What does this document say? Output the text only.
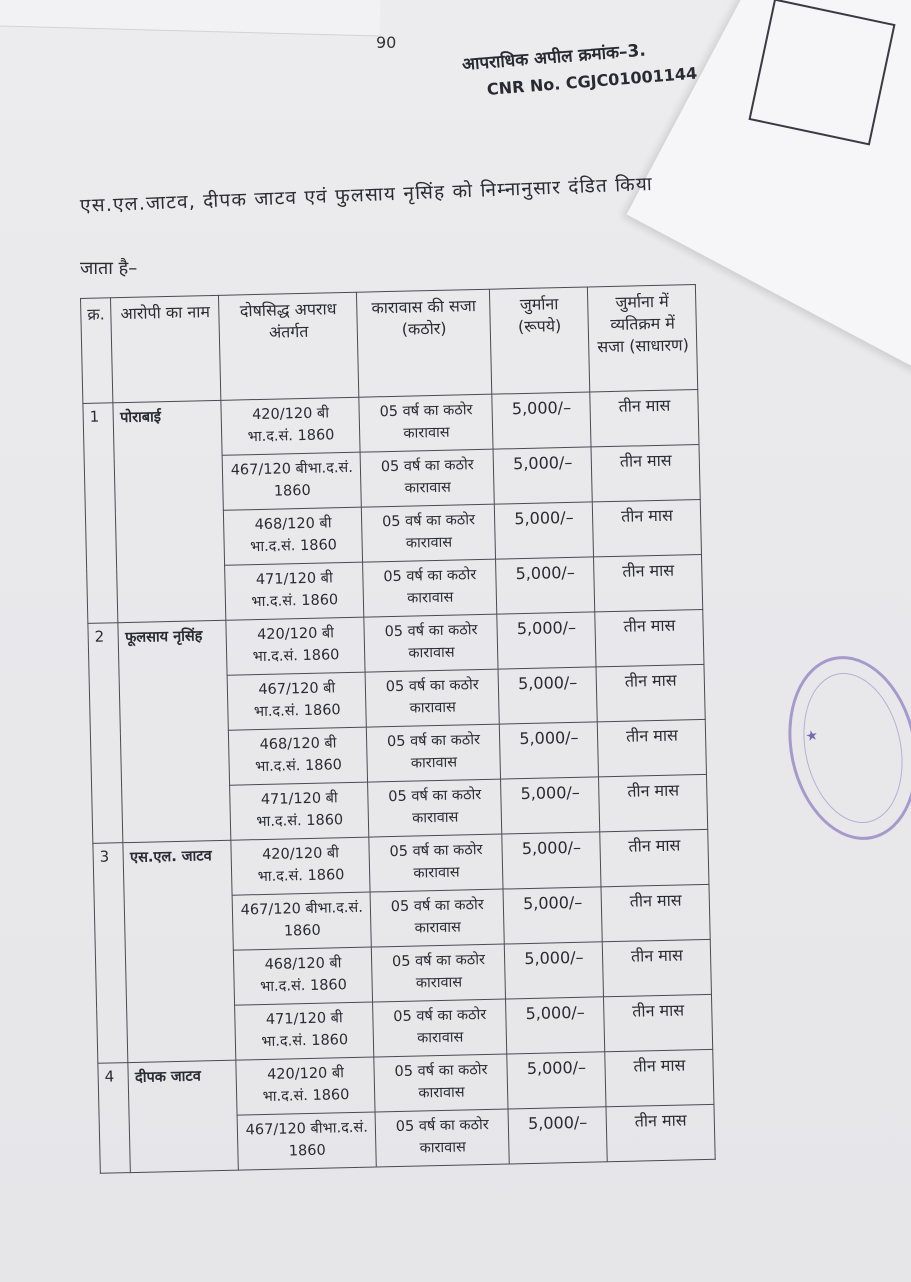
90	आपराधिक अपील क्रमांक–3.
CNR No. CGJC01001144
एस.एल.जाटव, दीपक जाटव एवं फुलसाय नृसिंह को निम्नानुसार दंडित किया
जाता है–
क्र.	आरोपी का नाम	दोषसिद्ध अपराध अंतर्गत	कारावास की सजा (कठोर)	जुर्माना (रूपये)	जुर्माना में व्यतिक्रम में सजा (साधारण)
1	पोराबाई	420/120 बी भा.द.सं. 1860	05 वर्ष का कठोर कारावास	5,000/–	तीन मास
		467/120 बीभा.द.सं. 1860	05 वर्ष का कठोर कारावास	5,000/–	तीन मास
		468/120 बी भा.द.सं. 1860	05 वर्ष का कठोर कारावास	5,000/–	तीन मास
		471/120 बी भा.द.सं. 1860	05 वर्ष का कठोर कारावास	5,000/–	तीन मास
2	फूलसाय नृसिंह	420/120 बी भा.द.सं. 1860	05 वर्ष का कठोर कारावास	5,000/–	तीन मास
		467/120 बी भा.द.सं. 1860	05 वर्ष का कठोर कारावास	5,000/–	तीन मास
		468/120 बी भा.द.सं. 1860	05 वर्ष का कठोर कारावास	5,000/–	तीन मास
		471/120 बी भा.द.सं. 1860	05 वर्ष का कठोर कारावास	5,000/–	तीन मास
3	एस.एल. जाटव	420/120 बी भा.द.सं. 1860	05 वर्ष का कठोर कारावास	5,000/–	तीन मास
		467/120 बीभा.द.सं. 1860	05 वर्ष का कठोर कारावास	5,000/–	तीन मास
		468/120 बी भा.द.सं. 1860	05 वर्ष का कठोर कारावास	5,000/–	तीन मास
		471/120 बी भा.द.सं. 1860	05 वर्ष का कठोर कारावास	5,000/–	तीन मास
4	दीपक जाटव	420/120 बी भा.द.सं. 1860	05 वर्ष का कठोर कारावास	5,000/–	तीन मास
		467/120 बीभा.द.सं. 1860	05 वर्ष का कठोर कारावास	5,000/–	तीन मास
★
